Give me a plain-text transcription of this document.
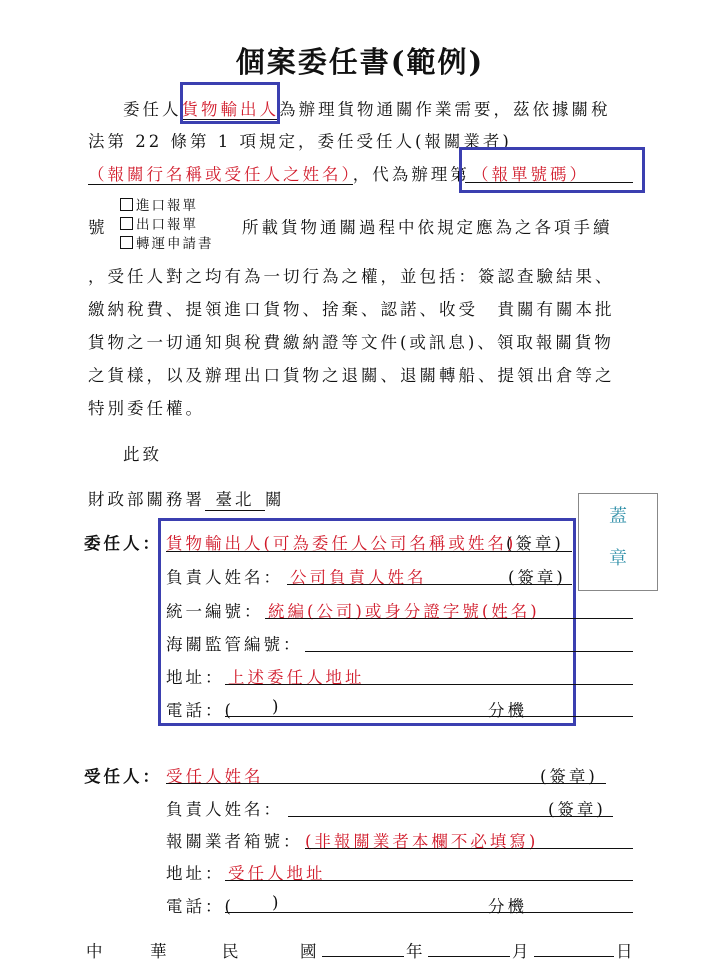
個案委任書(範例)
委任人貨物輸出人為辦理貨物通關作業需要，茲依據關稅
法第 22 條第 1 項規定，委任受任人(報關業者)
（報關行名稱或受任人之姓名），代為辦理第 （報單號碼）
號
進口報單
出口報單
轉運申請書
所載貨物通關過程中依規定應為之各項手續
，受任人對之均有為一切行為之權，並包括：簽認查驗結果、
繳納稅費、提領進口貨物、捨棄、認諾、收受　貴關有關本批
貨物之一切通知與稅費繳納證等文件(或訊息)、領取報關貨物
之貨樣，以及辦理出口貨物之退關、退關轉船、提領出倉等之
特別委任權。
此致
財政部關務署 臺北 關
蓋
章
委任人： 貨物輸出人(可為委任人公司名稱或姓名)
(簽章)
負責人姓名： 公司負責人姓名	(簽章)
統一編號： 統編(公司)或身分證字號(姓名)
海關監管編號：
地址： 上述委任人地址
電話：( )	分機
受任人： 受任人姓名	(簽章)
負責人姓名：	(簽章)
報關業者箱號： (非報關業者本欄不必填寫)
地址： 受任人地址
電話：( )	分機
中	華	民	國	年	月	日
